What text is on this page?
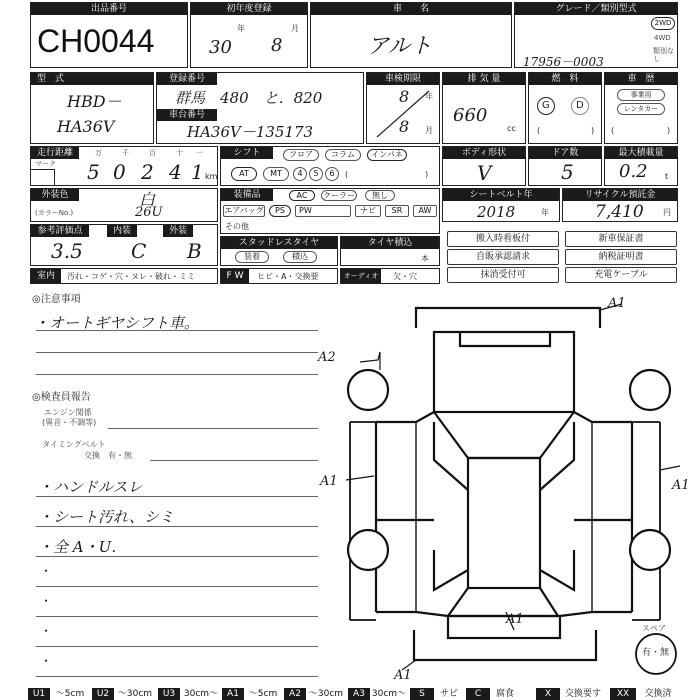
出品番号
CH0044
初年度登録
年	月
30 8
車　　名
アルト
グレード／類別型式
2WD
4WD
類別なし
17956－0003
型　式
HBD－
HA36V
登録番号
群馬　480　と．820
車台番号
HA36V－135173
車検期限
年
月
8
8
排 気 量
660
cc
燃　料
G	D
(	)
車　歴
事業用
レンタカー
(	)
走行距離
マーク
万	千	百	十 一
5 0 2 4 1 km
シフト	フロア	コラム	インパネ
AT	MT	4	5	6	(	)
ボディ形状
V
ドア数
5
最大積載量
0.2 t
外装色
(カラーNo.)
白
26U
装備品	AC	クーラー	無し
エアバッグ	PS	PW	ナビ	SR	AW
その他
シートベルト年
2018	年
リサイクル預託金
7,410 円
参考評価点	内装	外装
3.5 C B	スタッドレスタイヤ
装着	積込
タイヤ積込
本
搬入時看板付
自販承認請求
抹消受付可
新車保証書
納税証明書
充電ケーブル
室内	汚れ・コゲ・穴・ヌレ・破れ・ミミ	F W	ヒビ・A・交換要	オーディオ	欠・穴
◎注意事項
・オートギヤシフト車。
◎検査員報告
エンジン関係
(異音・不調等)
タイミングベルト
交換　有・無
・ハンドルスレ
・シート汚れ、シミ
・全 A・U．
・
・
・
・
A1
A2
A1	A1
A1
A1
スペア
有・無
U1	～5cm	U2 ～30cm	U3 30cm～ A1	～5cm	A2 ～30cm	A3 30cm～	S	サビ	C	腐食	X	交換要す	XX	交換済
